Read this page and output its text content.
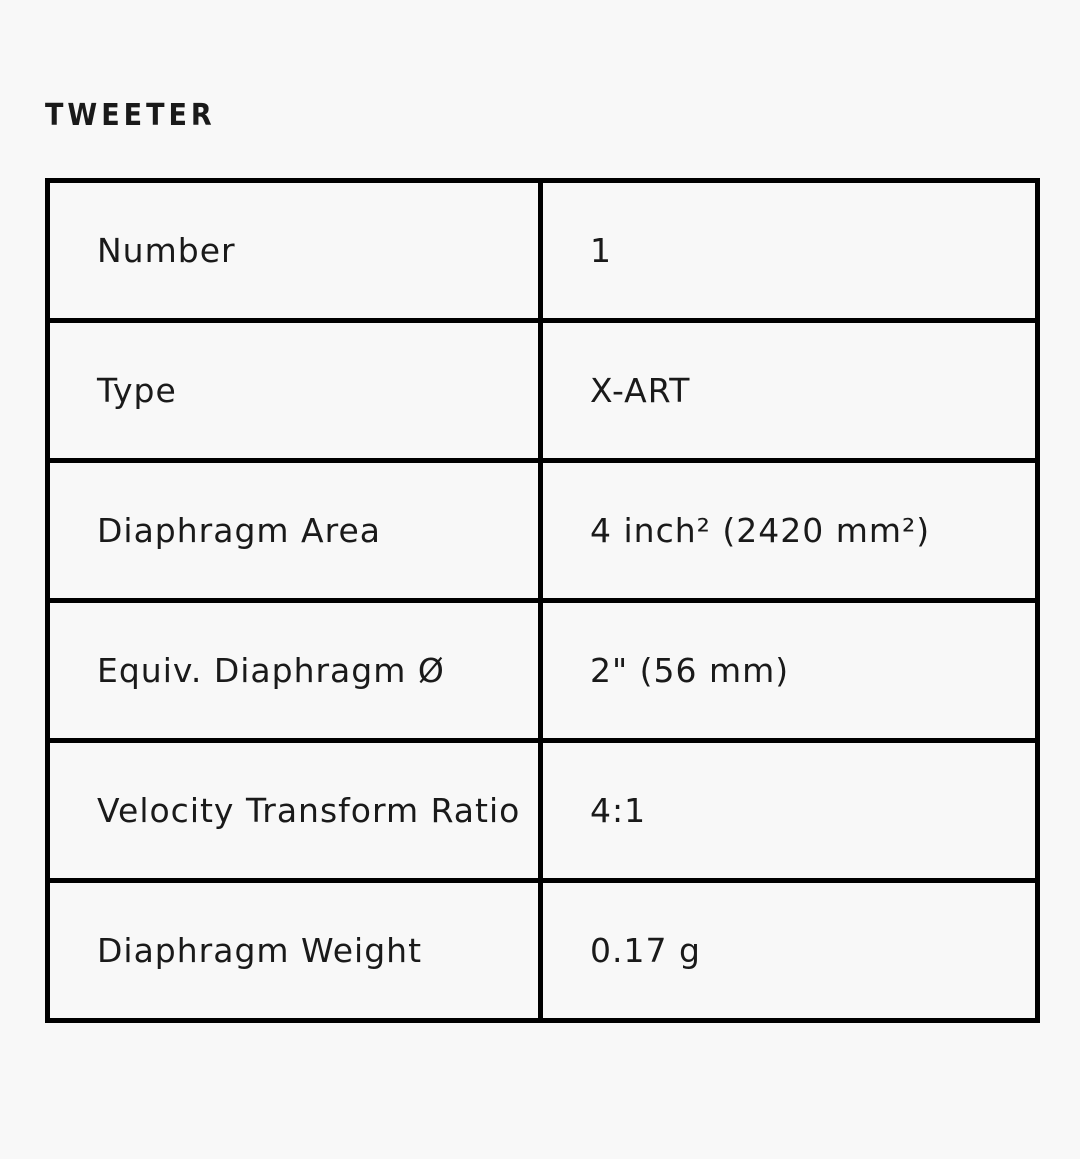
TWEETER
Number	1
Type	X-ART
Diaphragm Area	4 inch² (2420 mm²)
Equiv. Diaphragm Ø	2" (56 mm)
Velocity Transform Ratio	4:1
Diaphragm Weight	0.17 g
